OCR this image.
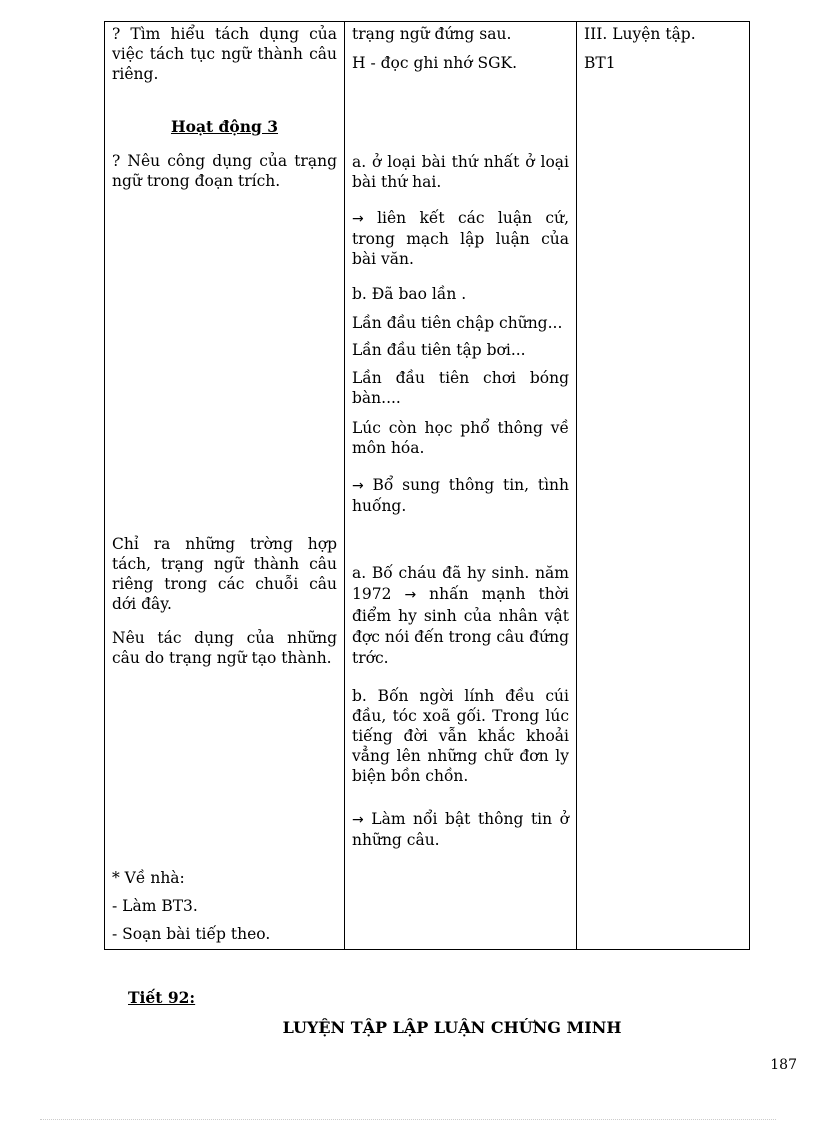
? Tìm hiểu tách dụng của việc tách tục ngữ thành câu riêng.

Hoạt động 3

? Nêu công dụng của trạng ngữ trong đoạn trích.

Chỉ ra những trờng hợp tách, trạng ngữ thành câu riêng trong các chuỗi câu dới đây.

Nêu tác dụng của những câu do trạng ngữ tạo thành.

* Về nhà:

- Làm BT3.

- Soạn bài tiếp theo.

trạng ngữ đứng sau.

H - đọc ghi nhớ SGK.

a. ở loại bài thứ nhất ở loại bài thứ hai.

→ liên kết các luận cứ, trong mạch lập luận của bài văn.

b. Đã bao lần .

Lần đầu tiên chập chững...

Lần đầu tiên tập bơi...

Lần đầu tiên chơi bóng bàn....

Lúc còn học phổ thông về môn hóa.

→ Bổ sung thông tin, tình huống.

a. Bố cháu đã hy sinh. năm 1972 → nhấn mạnh thời điểm hy sinh của nhân vật đợc nói đến trong câu đứng trớc.

b. Bốn ngời lính đều cúi đầu, tóc xoã gối. Trong lúc tiếng đời vẫn khắc khoải vẳng lên những chữ đơn ly biện bồn chồn.

→ Làm nổi bật thông tin ở những câu.

III. Luyện tập.

BT1

Tiết 92:
LUYỆN TẬP LẬP LUẬN CHỨNG MINH
187
